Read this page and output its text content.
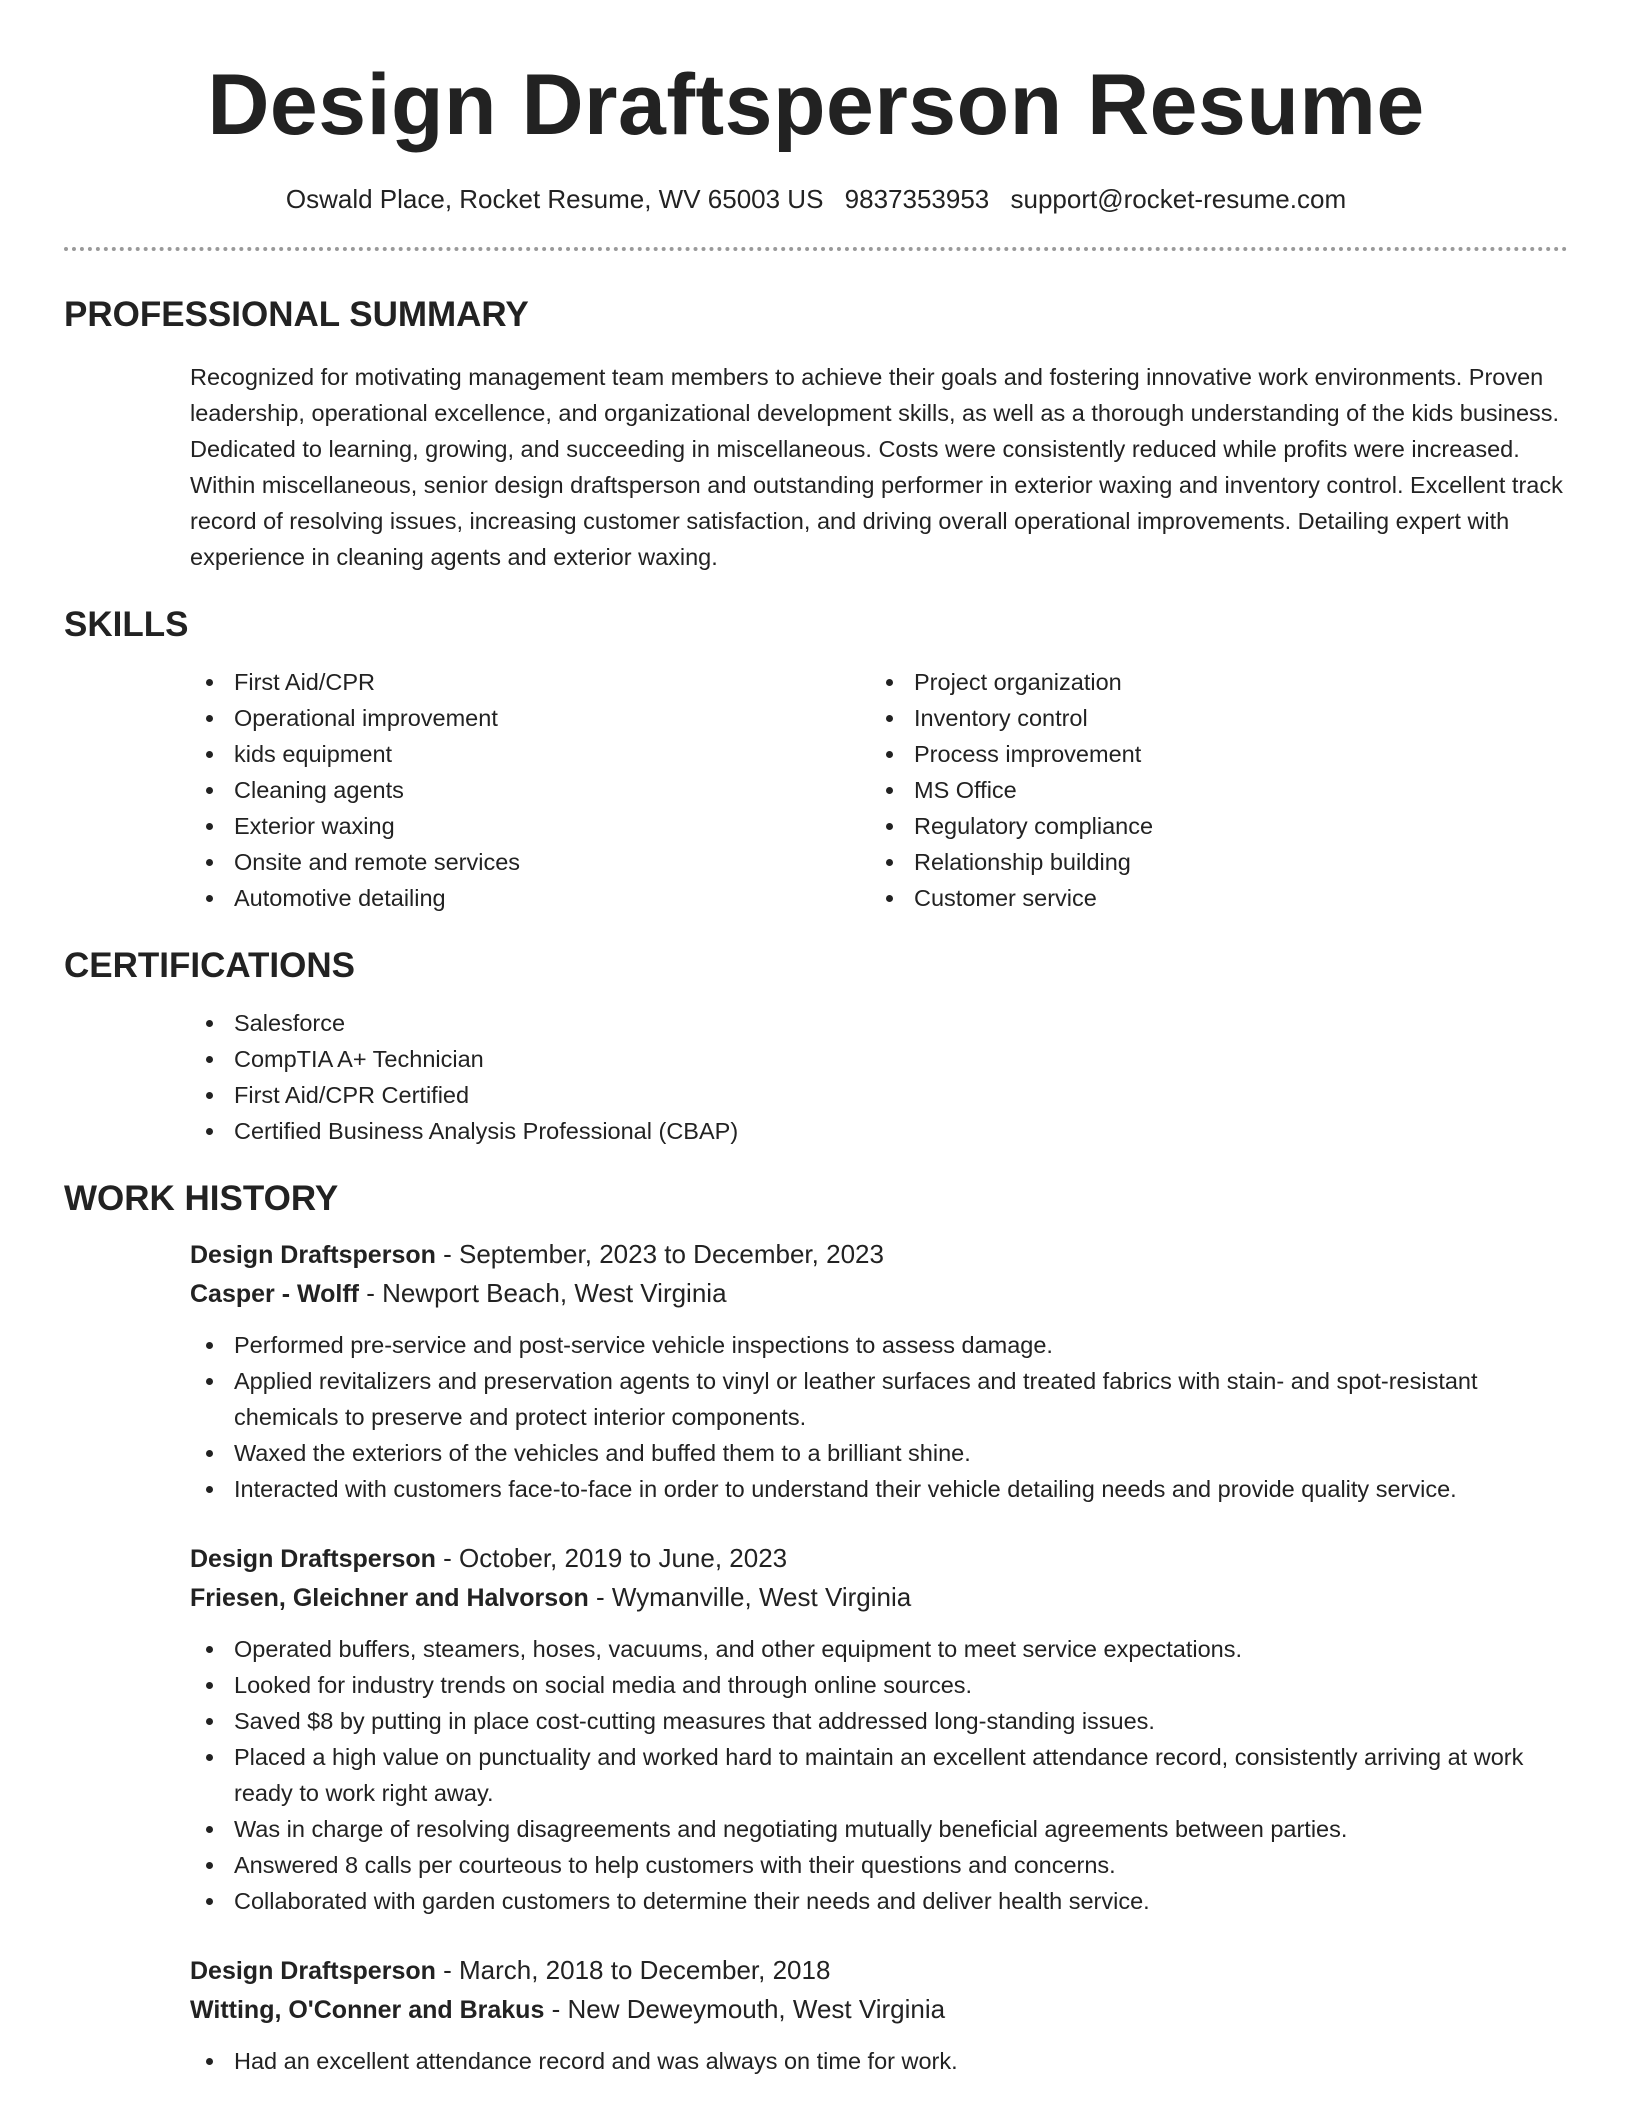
Design Draftsperson Resume
Oswald Place, Rocket Resume, WV 65003 US 9837353953 support@rocket-resume.com
PROFESSIONAL SUMMARY

Recognized for motivating management team members to achieve their goals and fostering innovative work environments. Proven leadership, operational excellence, and organizational development skills, as well as a thorough understanding of the kids business. Dedicated to learning, growing, and succeeding in miscellaneous. Costs were consistently reduced while profits were increased. Within miscellaneous, senior design draftsperson and outstanding performer in exterior waxing and inventory control. Excellent track record of resolving issues, increasing customer satisfaction, and driving overall operational improvements. Detailing expert with experience in cleaning agents and exterior waxing.

SKILLS
First Aid/CPR
Operational improvement
kids equipment
Cleaning agents
Exterior waxing
Onsite and remote services
Automotive detailing
Project organization
Inventory control
Process improvement
MS Office
Regulatory compliance
Relationship building
Customer service
CERTIFICATIONS
Salesforce
CompTIA A+ Technician
First Aid/CPR Certified
Certified Business Analysis Professional (CBAP)
WORK HISTORY
Design Draftsperson - September, 2023 to December, 2023
Casper - Wolff - Newport Beach, West Virginia
Performed pre-service and post-service vehicle inspections to assess damage.
Applied revitalizers and preservation agents to vinyl or leather surfaces and treated fabrics with stain- and spot-resistant chemicals to preserve and protect interior components.
Waxed the exteriors of the vehicles and buffed them to a brilliant shine.
Interacted with customers face-to-face in order to understand their vehicle detailing needs and provide quality service.
Design Draftsperson - October, 2019 to June, 2023
Friesen, Gleichner and Halvorson - Wymanville, West Virginia
Operated buffers, steamers, hoses, vacuums, and other equipment to meet service expectations.
Looked for industry trends on social media and through online sources.
Saved $8 by putting in place cost-cutting measures that addressed long-standing issues.
Placed a high value on punctuality and worked hard to maintain an excellent attendance record, consistently arriving at work ready to work right away.
Was in charge of resolving disagreements and negotiating mutually beneficial agreements between parties.
Answered 8 calls per courteous to help customers with their questions and concerns.
Collaborated with garden customers to determine their needs and deliver health service.
Design Draftsperson - March, 2018 to December, 2018
Witting, O'Conner and Brakus - New Deweymouth, West Virginia
Had an excellent attendance record and was always on time for work.
